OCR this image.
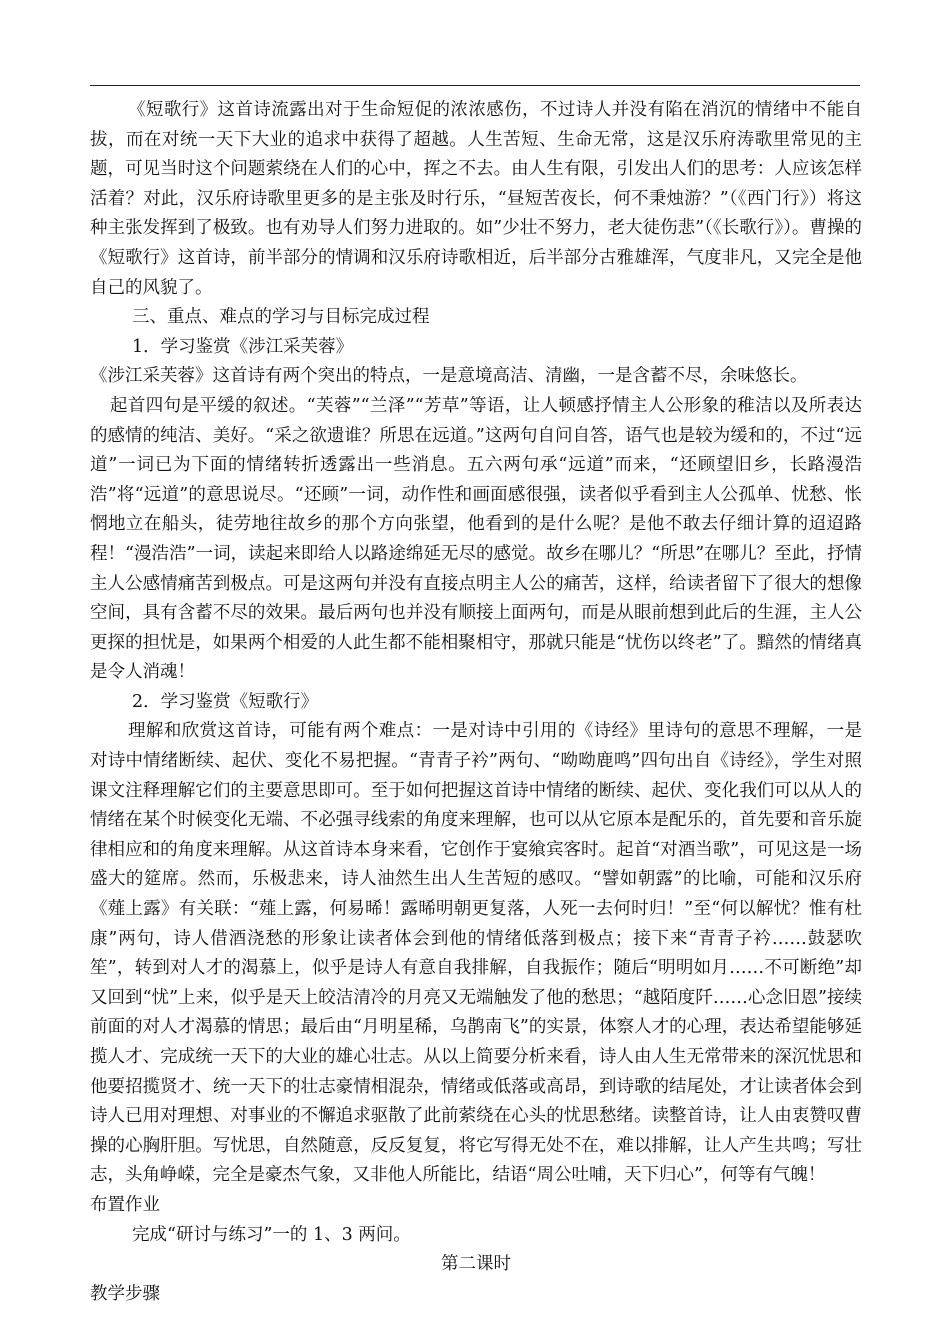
《短歌行》这首诗流露出对于生命短促的浓浓感伤，不过诗人并没有陷在消沉的情绪中不能自拔，而在对统一天下大业的追求中获得了超越。人生苦短、生命无常，这是汉乐府涛歌里常见的主题，可见当时这个问题萦绕在人们的心中，挥之不去。由人生有限，引发出人们的思考：人应该怎样活着？对此，汉乐府诗歌里更多的是主张及时行乐，“昼短苦夜长，何不秉烛游？”（《西门行》）将这种主张发挥到了极致。也有劝导人们努力进取的。如”少壮不努力，老大徒伤悲”（《长歌行》）。曹操的《短歌行》这首诗，前半部分的情调和汉乐府诗歌相近，后半部分古雅雄浑，气度非凡，又完全是他自己的风貌了。

三、重点、难点的学习与目标完成过程

1．学习鉴赏《涉江采芙蓉》

《涉江采芙蓉》这首诗有两个突出的特点，一是意境高洁、清幽，一是含蓄不尽，余味悠长。

起首四句是平缓的叙述。“芙蓉”“兰泽”“芳草”等语，让人顿感抒情主人公形象的稚洁以及所表达的感情的纯洁、美好。“采之欲遗谁？所思在远道。”这两句自问自答，语气也是较为缓和的，不过“远道”一词已为下面的情绪转折透露出一些消息。五六两句承“远道”而来，“还顾望旧乡，长路漫浩浩”将“远道”的意思说尽。“还顾”一词，动作性和画面感很强，读者似乎看到主人公孤单、忧愁、怅惘地立在船头，徒劳地往故乡的那个方向张望，他看到的是什么呢？是他不敢去仔细计算的迢迢路程！“漫浩浩”一词，读起来即给人以路途绵延无尽的感觉。故乡在哪儿？“所思”在哪儿？至此，抒情主人公感情痛苦到极点。可是这两句并没有直接点明主人公的痛苦，这样，给读者留下了很大的想像空间，具有含蓄不尽的效果。最后两句也并没有顺接上面两句，而是从眼前想到此后的生涯，主人公更探的担忧是，如果两个相爱的人此生都不能相聚相守，那就只能是“忧伤以终老”了。黯然的情绪真是令人消魂！

2．学习鉴赏《短歌行》

理解和欣赏这首诗，可能有两个难点：一是对诗中引用的《诗经》里诗句的意思不理解，一是对诗中情绪断续、起伏、变化不易把握。“青青子衿”两句、“呦呦鹿鸣”四句出自《诗经》，学生对照课文注释理解它们的主要意思即可。至于如何把握这首诗中情绪的断续、起伏、变化我们可以从人的情绪在某个时候变化无端、不必强寻线索的角度来理解，也可以从它原本是配乐的，首先要和音乐旋律相应和的角度来理解。从这首诗本身来看，它创作于宴飨宾客时。起首“对酒当歌”，可见这是一场盛大的筵席。然而，乐极悲来，诗人油然生出人生苦短的感叹。“譬如朝露”的比喻，可能和汉乐府《薤上露》有关联：“薤上露，何易晞！露晞明朝更复落，人死一去何时归！”至“何以解忧？惟有杜康”两句，诗人借酒浇愁的形象让读者体会到他的情绪低落到极点；接下来“青青子衿……鼓瑟吹笙”，转到对人才的渴慕上，似乎是诗人有意自我排解，自我振作；随后“明明如月……不可断绝”却又回到“忧”上来，似乎是天上皎洁清冷的月亮又无端触发了他的愁思；“越陌度阡……心念旧恩”接续前面的对人才渴慕的情思；最后由“月明星稀，乌鹊南飞”的实景，体察人才的心理，表达希望能够延揽人才、完成统一天下的大业的雄心壮志。从以上简要分析来看，诗人由人生无常带来的深沉忧思和他要招揽贤才、统一天下的壮志豪情相混杂，情绪或低落或高昂，到诗歌的结尾处，才让读者体会到诗人已用对理想、对事业的不懈追求驱散了此前萦绕在心头的忧思愁绪。读整首诗，让人由衷赞叹曹操的心胸肝胆。写忧思，自然随意，反反复复，将它写得无处不在，难以排解，让人产生共鸣；写壮志，头角峥嵘，完全是豪杰气象，又非他人所能比，结语“周公吐哺，天下归心”，何等有气魄！

布置作业

完成“研讨与练习”一的 1、3 两问。

第二课时

教学步骤
